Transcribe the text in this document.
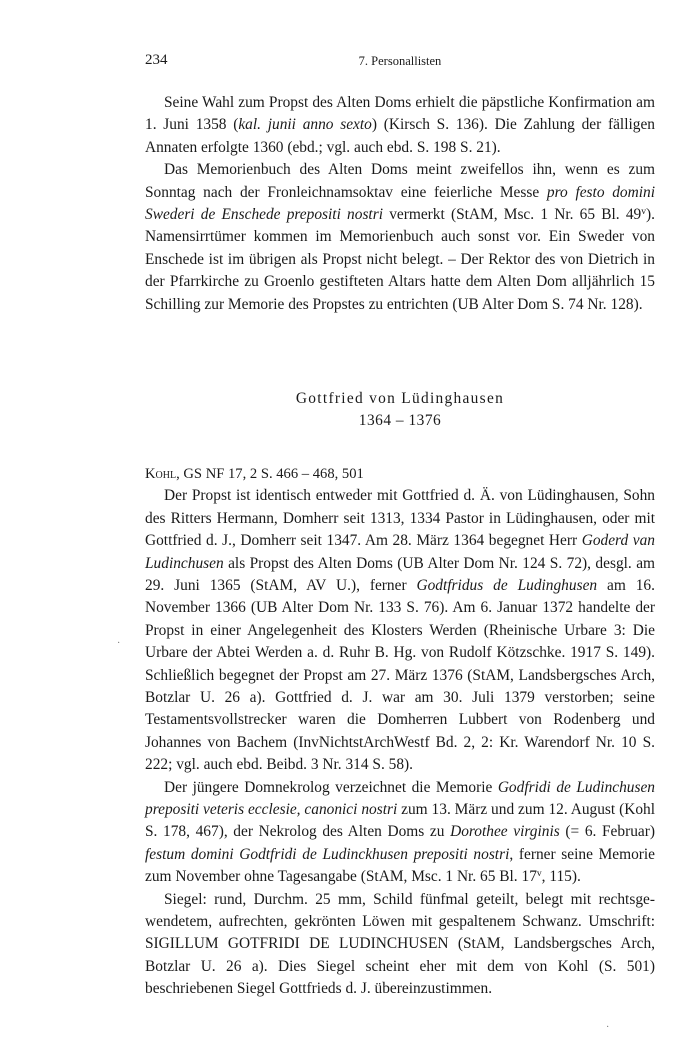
234	7. Personallisten

Seine Wahl zum Propst des Alten Doms erhielt die päpstliche Konfirmation am 1. Juni 1358 (kal. junii anno sexto) (Kirsch S. 136). Die Zahlung der fälligen Annaten erfolgte 1360 (ebd.; vgl. auch ebd. S. 198 S. 21).

Das Memorienbuch des Alten Doms meint zweifellos ihn, wenn es zum Sonntag nach der Fronleichnamsoktav eine feierliche Messe pro festo domini Swederi de Enschede prepositi nostri vermerkt (StAM, Msc. 1 Nr. 65 Bl. 49$^v$). Namensirrtümer kommen im Memorienbuch auch sonst vor. Ein Sweder von Enschede ist im übrigen als Propst nicht belegt. – Der Rektor des von Dietrich in der Pfarrkirche zu Groenlo gestifteten Altars hatte dem Alten Dom alljährlich 15 Schilling zur Memorie des Propstes zu entrichten (UB Alter Dom S. 74 Nr. 128).

Gottfried von Lüdinghausen
1364 – 1376

Kohl, GS NF 17, 2 S. 466 – 468, 501

Der Propst ist identisch entweder mit Gottfried d. Ä. von Lüdinghausen, Sohn des Ritters Hermann, Domherr seit 1313, 1334 Pastor in Lüdinghausen, oder mit Gottfried d. J., Domherr seit 1347. Am 28. März 1364 begegnet Herr Goderd van Ludinchusen als Propst des Alten Doms (UB Alter Dom Nr. 124 S. 72), desgl. am 29. Juni 1365 (StAM, AV U.), ferner Godtfridus de Ludinghusen am 16. November 1366 (UB Alter Dom Nr. 133 S. 76). Am 6. Januar 1372 handelte der Propst in einer Angelegenheit des Klosters Werden (Rheinische Urbare 3: Die Urbare der Abtei Werden a. d. Ruhr B. Hg. von Rudolf Kötzschke. 1917 S. 149). Schließlich begegnet der Propst am 27. März 1376 (StAM, Landsbergsches Arch, Botzlar U. 26 a). Gottfried d. J. war am 30. Juli 1379 verstorben; seine Testamentsvollstrecker waren die Domherren Lubbert von Rodenberg und Johannes von Bachem (InvNichtstArchWestf Bd. 2, 2: Kr. Warendorf Nr. 10 S. 222; vgl. auch ebd. Beibd. 3 Nr. 314 S. 58).

Der jüngere Domnekrolog verzeichnet die Memorie Godfridi de Ludinchusen prepositi veteris ecclesie, canonici nostri zum 13. März und zum 12. August (Kohl S. 178, 467), der Nekrolog des Alten Doms zu Dorothee virginis (= 6. Februar) festum domini Godtfridi de Ludinckhusen prepositi nostri, ferner seine Memorie zum November ohne Tagesangabe (StAM, Msc. 1 Nr. 65 Bl. 17$^v$, 115).

Siegel: rund, Durchm. 25 mm, Schild fünfmal geteilt, belegt mit rechtsgewendetem, aufrechten, gekrönten Löwen mit gespaltenem Schwanz. Umschrift: SIGILLUM GOTFRIDI DE LUDINCHUSEN (StAM, Landsbergsches Arch, Botzlar U. 26 a). Dies Siegel scheint eher mit dem von Kohl (S. 501) beschriebenen Siegel Gottfrieds d. J. übereinzustimmen.

·
·
